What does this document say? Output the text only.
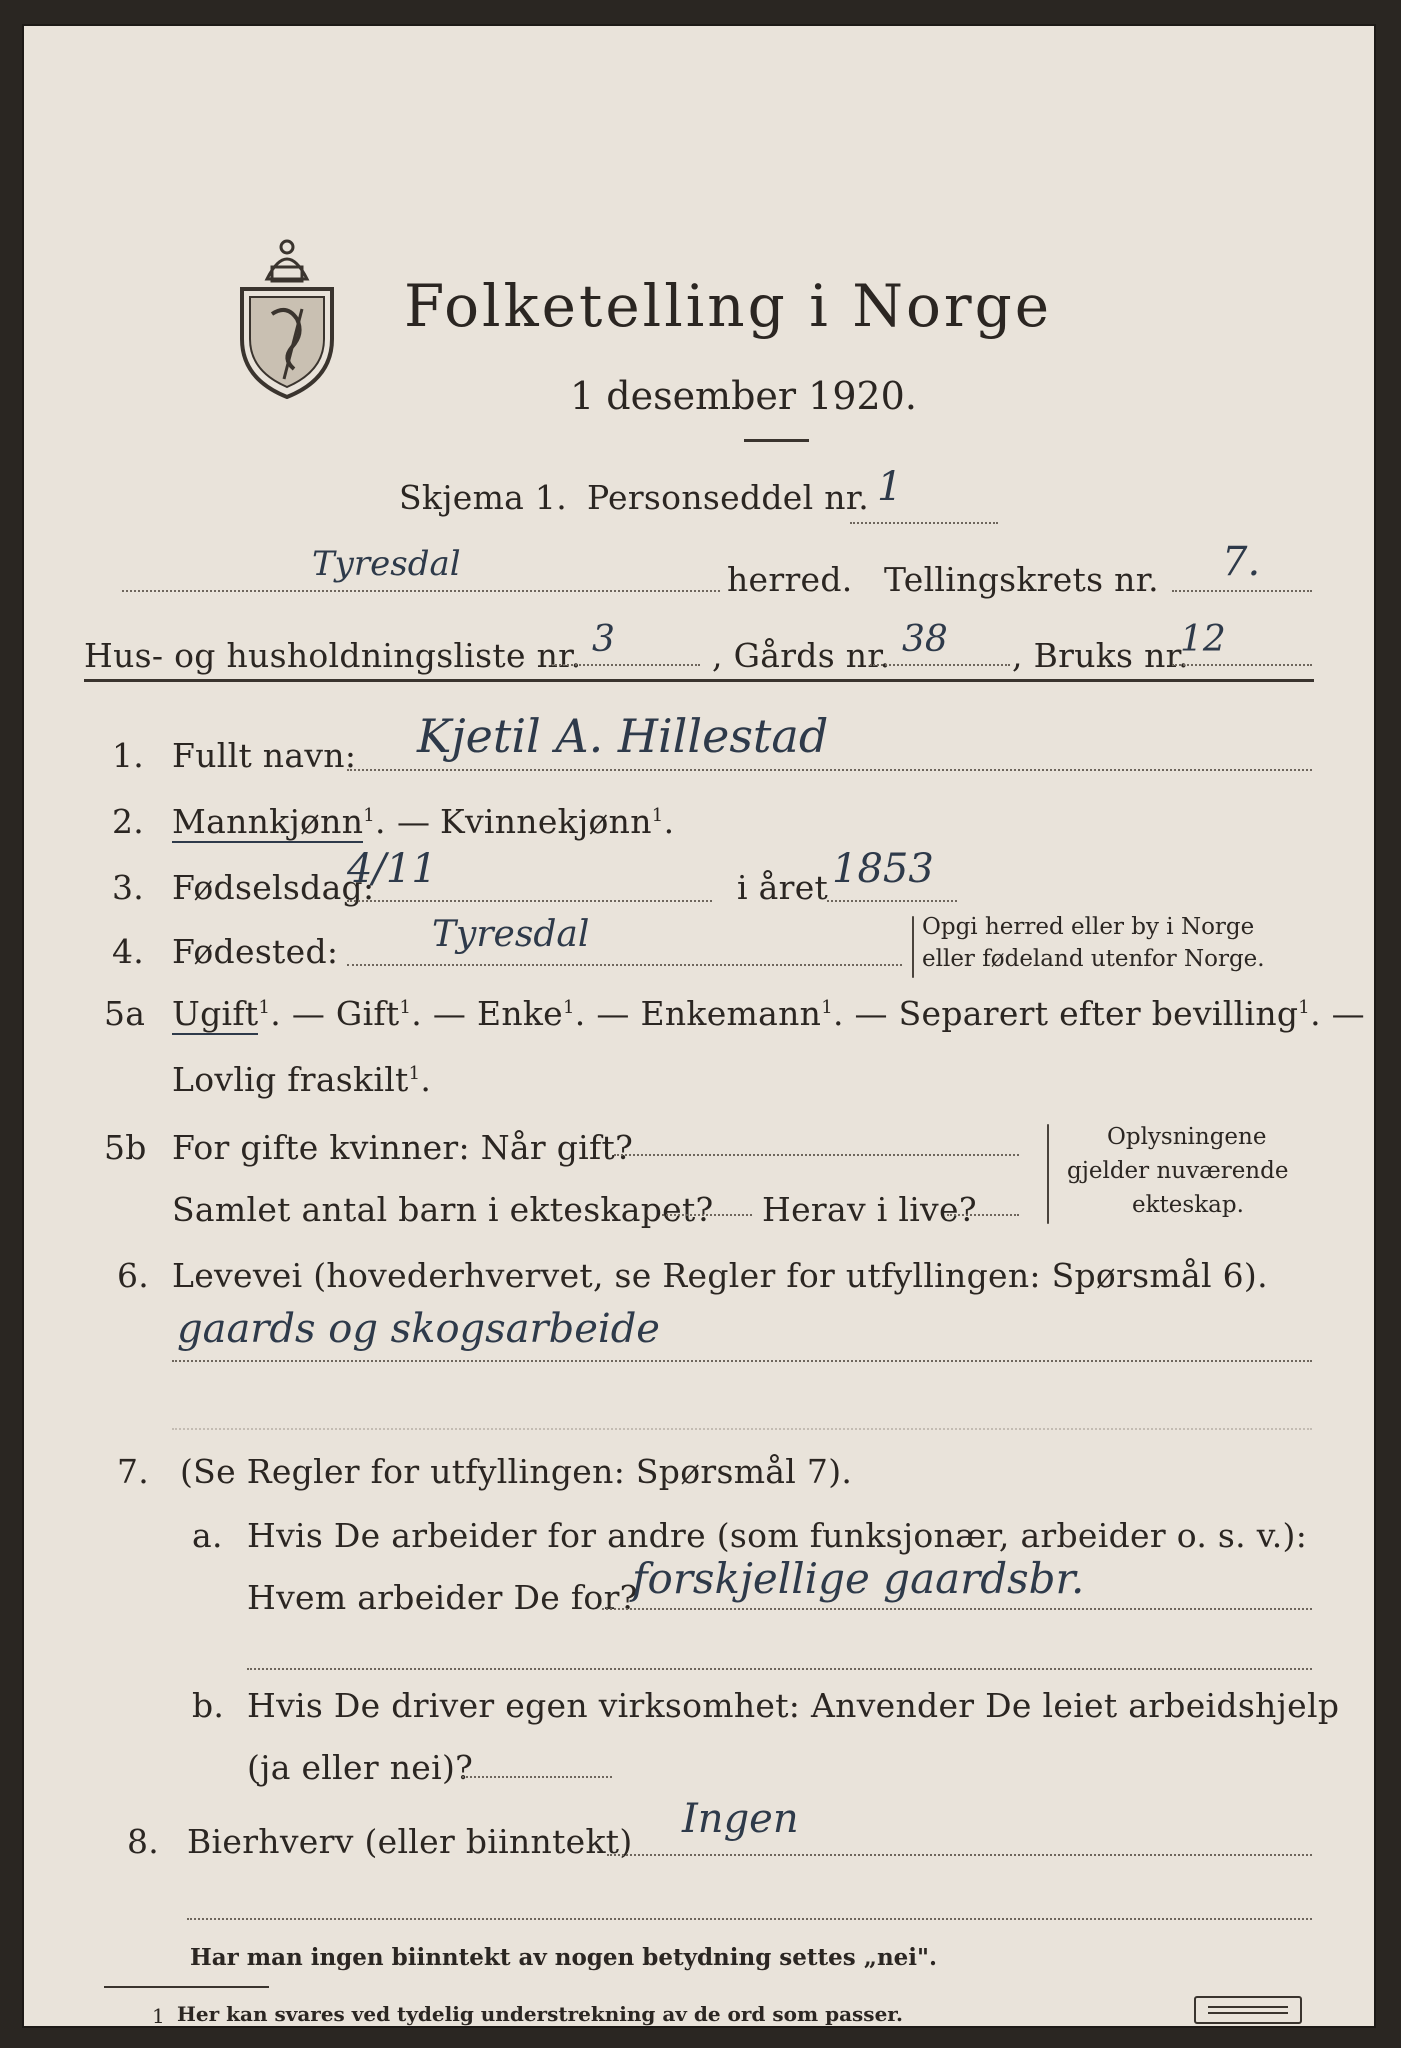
Folketelling i Norge
1 desember 1920.
Skjema 1. Personseddel nr. 1
Tyresdal	herred. Tellingskrets nr. 7.
Hus- og husholdningsliste nr. 3	, Gårds nr. 38 , Bruks nr.
12
1. Fullt navn: Kjetil A. Hillestad
2. Mannkjønn$^1$. — Kvinnekjønn$^1$.
3. Fødselsdag:
4/11	i året 1853
4. Fødested:	Tyresdal	Opgi herred eller by i Norge
eller fødeland utenfor Norge.
5a Ugift$^1$. — Gift$^1$. — Enke$^1$. — Enkemann$^1$. — Separert efter bevilling$^1$. —
Lovlig fraskilt$^1$.
5b For gifte kvinner: Når gift?
Samlet antal barn i ekteskapet? Herav i live?
Oplysningene
gjelder nuværende
ekteskap.
6. Levevei (hovederhvervet, se Regler for utfyllingen: Spørsmål 6).
gaards og skogsarbeide
7. (Se Regler for utfyllingen: Spørsmål 7).
a. Hvis De arbeider for andre (som funksjonær, arbeider o. s. v.):
Hvem arbeider De for?
forskjellige gaardsbr.
b. Hvis De driver egen virksomhet: Anvender De leiet arbeidshjelp
(ja eller nei)?
8. Bierhverv (eller biinntekt) Ingen
Har man ingen biinntekt av nogen betydning settes „nei".
1 Her kan svares ved tydelig understrekning av de ord som passer.
